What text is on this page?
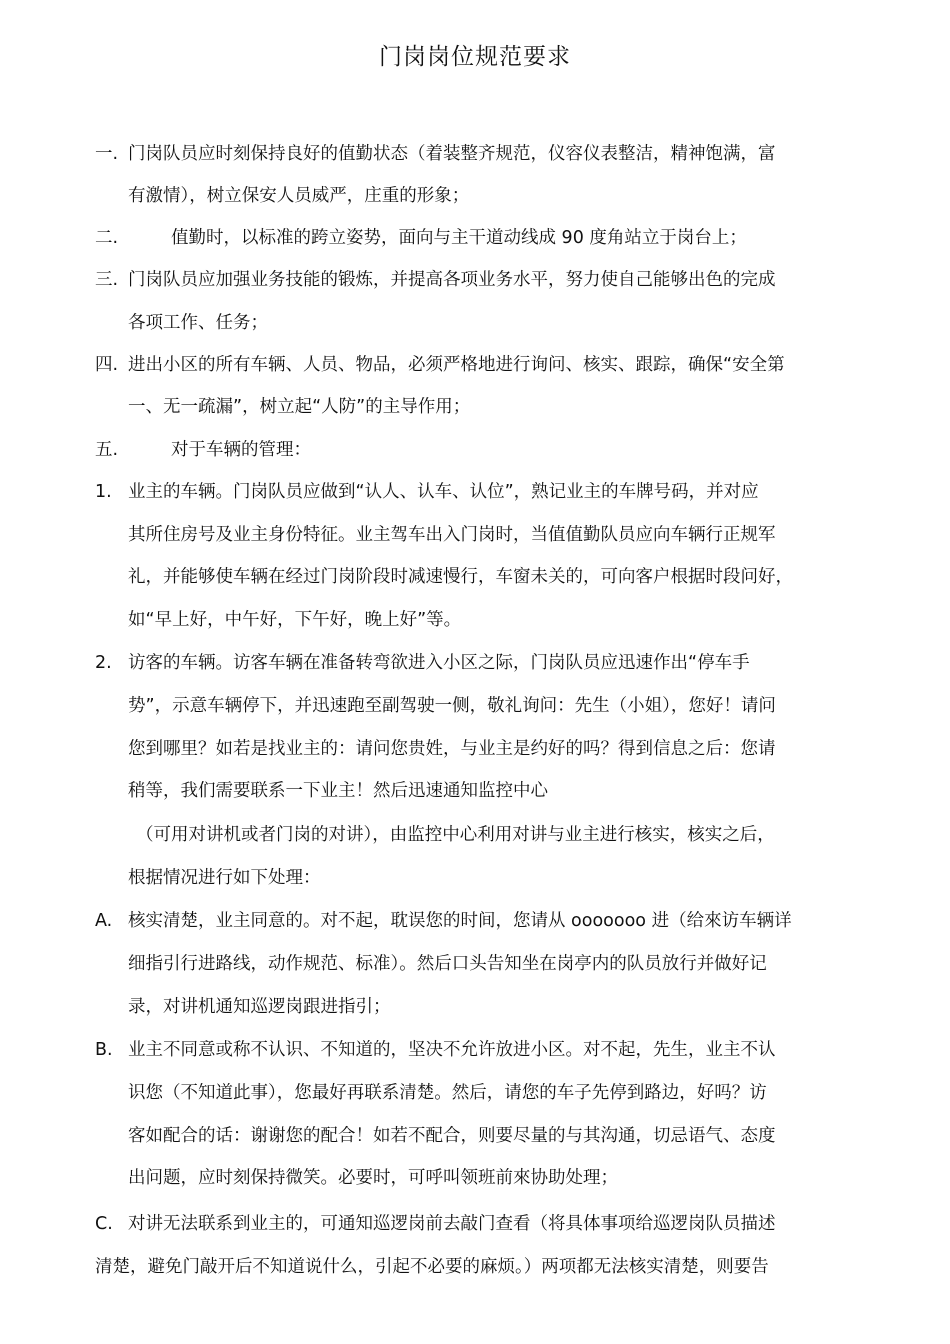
门岗岗位规范要求
一. 门岗队员应时刻保持良好的值勤状态（着装整齐规范，仪容仪表整洁，精神饱满，富
有激情），树立保安人员威严，庄重的形象；
二.	值勤时，以标准的跨立姿势，面向与主干道动线成 90 度角站立于岗台上；
三. 门岗队员应加强业务技能的锻炼，并提高各项业务水平，努力使自己能够出色的完成
各项工作、任务；
四. 进出小区的所有车辆、人员、物品，必须严格地进行询问、核实、跟踪，确保“安全第
一、无一疏漏”，树立起“人防”的主导作用；
五.	对于车辆的管理：
1. 业主的车辆。门岗队员应做到“认人、认车、认位”，熟记业主的车牌号码，并对应
其所住房号及业主身份特征。业主驾车出入门岗时，当值值勤队员应向车辆行正规军
礼，并能够使车辆在经过门岗阶段时减速慢行，车窗未关的，可向客户根据时段问好，
如“早上好，中午好，下午好，晚上好”等。
2. 访客的车辆。访客车辆在准备转弯欲进入小区之际，门岗队员应迅速作出“停车手
势”，示意车辆停下，并迅速跑至副驾驶一侧，敬礼询问：先生（小姐），您好！请问
您到哪里？如若是找业主的：请问您贵姓，与业主是约好的吗？得到信息之后：您请
稍等，我们需要联系一下业主！然后迅速通知监控中心
（可用对讲机或者门岗的对讲），由监控中心利用对讲与业主进行核实，核实之后，
根据情况进行如下处理：
A. 核实清楚，业主同意的。对不起，耽误您的时间，您请从 ooooooo 进（给來访车辆详
细指引行进路线，动作规范、标准）。然后口头告知坐在岗亭内的队员放行并做好记
录，对讲机通知巡逻岗跟进指引；
B. 业主不同意或称不认识、不知道的，坚决不允许放进小区。对不起，先生，业主不认
识您（不知道此事），您最好再联系清楚。然后，请您的车子先停到路边，好吗？访
客如配合的话：谢谢您的配合！如若不配合，则要尽量的与其沟通，切忌语气、态度
出问题，应时刻保持微笑。必要时，可呼叫领班前來协助处理；
C. 对讲无法联系到业主的，可通知巡逻岗前去敲门查看（将具体事项给巡逻岗队员描述
清楚，避免门敲开后不知道说什么，引起不必要的麻烦。）两项都无法核实清楚，则要告
